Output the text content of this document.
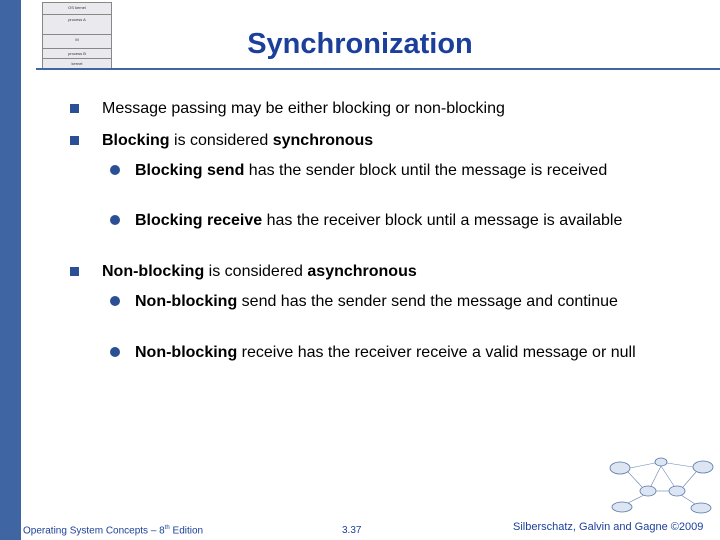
OS kernel
process A
M
process B
kernel
Synchronization
Message passing may be either blocking or non-blocking
Blocking is considered synchronous
Blocking send has the sender block until the message is received
Blocking receive has the receiver block until a message is available
Non-blocking is considered asynchronous
Non-blocking send has the sender send the message and continue
Non-blocking receive has the receiver receive a valid message or null
Operating System Concepts – 8th Edition	3.37	Silberschatz, Galvin and Gagne ©2009
